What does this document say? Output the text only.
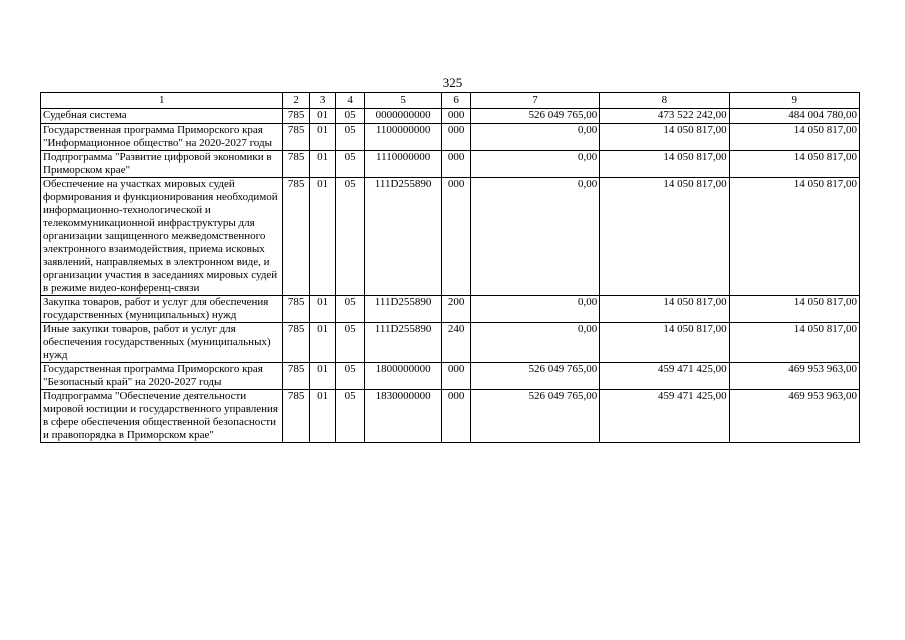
325
1	2	3	4	5	6	7	8	9
Судебная система	785	01	05	0000000000	000	526 049 765,00	473 522 242,00	484 004 780,00
Государственная программа Приморского края "Информационное общество" на 2020-2027 годы	785	01	05	1100000000	000	0,00	14 050 817,00	14 050 817,00
Подпрограмма "Развитие цифровой экономики в Приморском крае"	785	01	05	1110000000	000	0,00	14 050 817,00	14 050 817,00
Обеспечение на участках мировых судей формирования и функционирования необходимой информационно-технологической и телекоммуникационной инфраструктуры для организации защищенного межведомственного электронного взаимодействия, приема исковых заявлений, направляемых в электронном виде, и организации участия в заседаниях мировых судей в режиме видео-конференц-связи	785	01	05	111D255890	000	0,00	14 050 817,00	14 050 817,00
Закупка товаров, работ и услуг для обеспечения государственных (муниципальных) нужд	785	01	05	111D255890	200	0,00	14 050 817,00	14 050 817,00
Иные закупки товаров, работ и услуг для обеспечения государственных (муниципальных) нужд	785	01	05	111D255890	240	0,00	14 050 817,00	14 050 817,00
Государственная программа Приморского края "Безопасный край" на 2020-2027 годы	785	01	05	1800000000	000	526 049 765,00	459 471 425,00	469 953 963,00
Подпрограмма "Обеспечение деятельности мировой юстиции и государственного управления в сфере обеспечения общественной безопасности и правопорядка в Приморском крае"	785	01	05	1830000000	000	526 049 765,00	459 471 425,00	469 953 963,00
